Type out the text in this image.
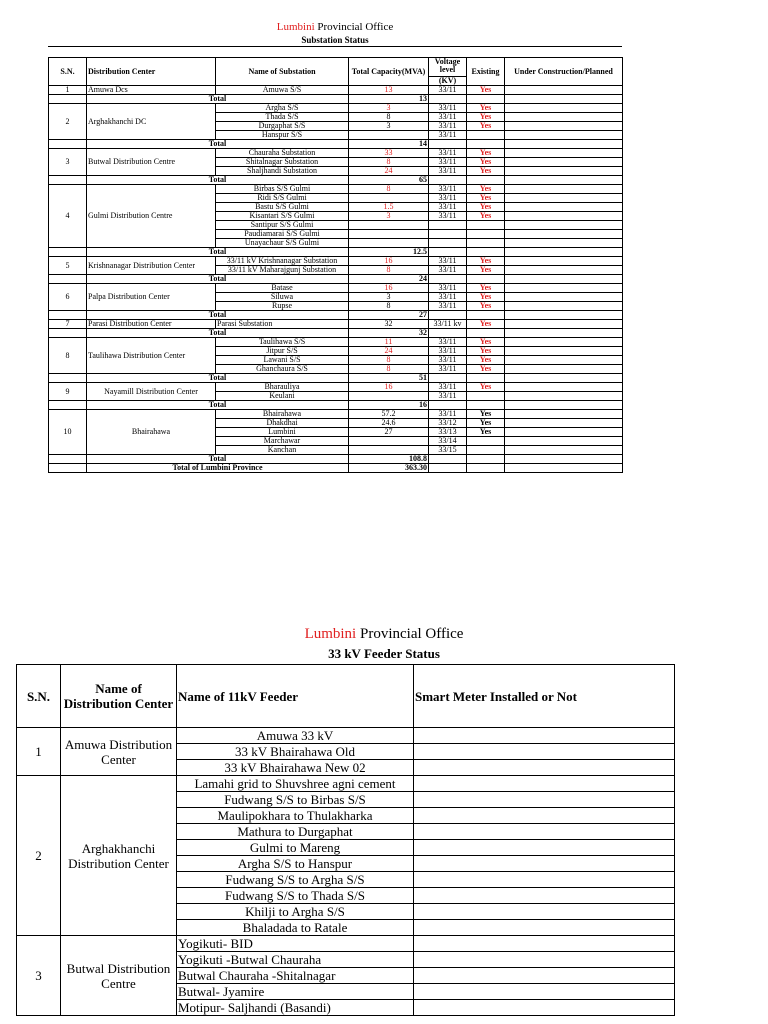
Lumbini Provincial Office
Substation Status
S.N.	Distribution Center	Name of Substation	Total Capacity(MVA)	Voltage level	Existing	Under Construction/Planned
				(KV)		
1	Amuwa Dcs	Amuwa S/S	13	33/11	Yes	
	Total		13			
2	Arghakhanchi DC	Argha S/S	3	33/11	Yes	
		Thada S/S	8	33/11	Yes	
		Durgaphat S/S	3	33/11	Yes	
		Hanspur S/S		33/11		
	Total		14			
3	Butwal Distribution Centre	Chauraha Substation	33	33/11	Yes	
		Shitalnagar Substation	8	33/11	Yes	
		Shaljhandi Substation	24	33/11	Yes	
	Total		65			
4	Gulmi Distribution Centre	Birbas S/S Gulmi	8	33/11	Yes	
		Ridi S/S Gulmi		33/11	Yes	
		Bastu S/S Gulmi	1.5	33/11	Yes	
		Kisantari S/S Gulmi	3	33/11	Yes	
		Santipur S/S Gulmi				
		Paudiamarai S/S Gulmi				
		Unayachaur S/S Gulmi				
	Total		12.5			
5	Krishnanagar Distribution Center	33/11 kV Krishnanagar Substation	16	33/11	Yes	
		33/11 kV Maharajgunj Substation	8	33/11	Yes	
	Total		24			
6	Palpa Distribution Center	Batase	16	33/11	Yes	
		Siluwa	3	33/11	Yes	
		Rupse	8	33/11	Yes	
	Total		27			
7	Parasi Distribution Center	Parasi Substation	32	33/11 kv	Yes	
	Total		32			
8	Taulihawa Distribution Center	Taulihawa S/S	11	33/11	Yes	
		Jitpur S/S	24	33/11	Yes	
		Lawani S/S	8	33/11	Yes	
		Ghanchaura S/S	8	33/11	Yes	
	Total		51			
9	Nayamill Distribution Center	Bharauliya	16	33/11	Yes	
		Keulani		33/11		
	Total		16			
10	Bhairahawa	Bhairahawa	57.2	33/11	Yes	
		Dhakdhai	24.6	33/12	Yes	
		Lumbini	27	33/13	Yes	
		Marchawar		33/14		
		Kanchan		33/15		
	Total		108.8			
	Total of Lumbini Province		363.30			
Lumbini Provincial Office
33 kV Feeder Status
S.N.	Name of Distribution Center	Name of 11kV Feeder	Smart Meter Installed or Not
1	Amuwa Distribution Center	Amuwa 33 kV	
		33 kV Bhairahawa Old	
		33 kV Bhairahawa New 02	
2	Arghakhanchi Distribution Center	Lamahi grid to Shuvshree agni cement	
		Fudwang S/S to Birbas S/S	
		Maulipokhara to Thulakharka	
		Mathura to Durgaphat	
		Gulmi to Mareng	
		Argha S/S to Hanspur	
		Fudwang S/S to Argha S/S	
		Fudwang S/S to Thada S/S	
		Khilji to Argha S/S	
		Bhaladada to Ratale	
3	Butwal Distribution Centre	Yogikuti- BID	
		Yogikuti -Butwal Chauraha	
		Butwal Chauraha -Shitalnagar	
		Butwal- Jyamire	
		Motipur- Saljhandi (Basandi)	
